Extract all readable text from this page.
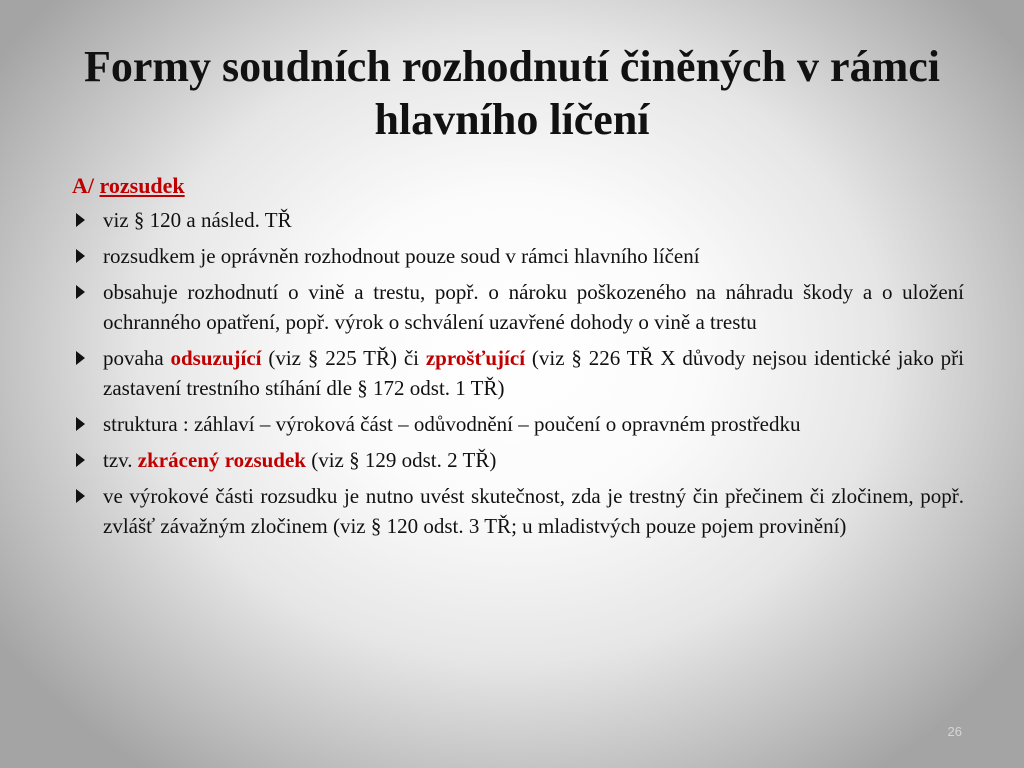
Formy soudních rozhodnutí činěných v rámci hlavního líčení
A/ rozsudek
viz § 120 a násled. TŘ
rozsudkem je oprávněn rozhodnout pouze soud v rámci hlavního líčení
obsahuje rozhodnutí o vině a trestu, popř. o nároku poškozeného na náhradu škody a o uložení ochranného opatření, popř. výrok o schválení uzavřené dohody o vině a trestu
povaha odsuzující (viz § 225 TŘ) či zprošťující (viz § 226 TŘ X důvody nejsou identické jako při zastavení trestního stíhání dle § 172 odst. 1 TŘ)
struktura : záhlaví – výroková část – odůvodnění – poučení o opravném prostředku
tzv. zkrácený rozsudek (viz § 129 odst. 2 TŘ)
ve výrokové části rozsudku je nutno uvést skutečnost, zda je trestný čin přečinem či zločinem, popř. zvlášť závažným zločinem (viz § 120 odst. 3 TŘ; u mladistvých pouze pojem provinění)
26
